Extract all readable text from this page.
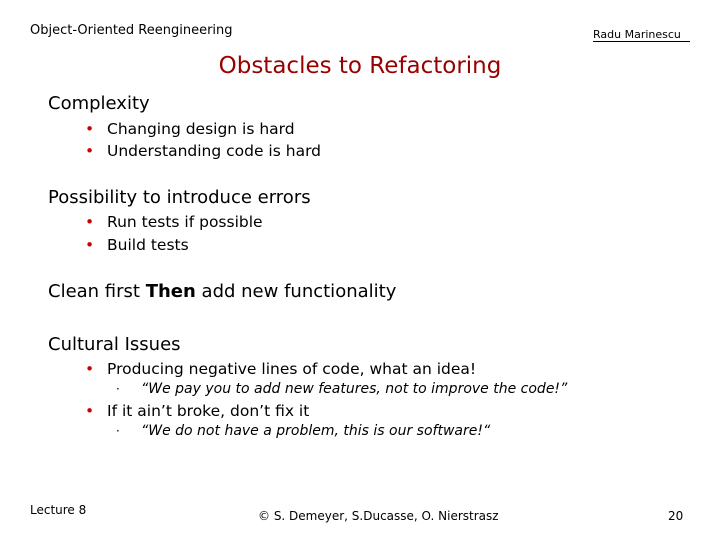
Object-Oriented Reengineering	Radu Marinescu
Obstacles to Refactoring
Complexity
• Changing design is hard
• Understanding code is hard
Possibility to introduce errors
• Run tests if possible
• Build tests
Clean first Then add new functionality
Cultural Issues
• Producing negative lines of code, what an idea!
· “We pay you to add new features, not to improve the code!”
• If it ain’t broke, don’t fix it
· “We do not have a problem, this is our software!“
Lecture 8	© S. Demeyer, S.Ducasse, O. Nierstrasz	20
